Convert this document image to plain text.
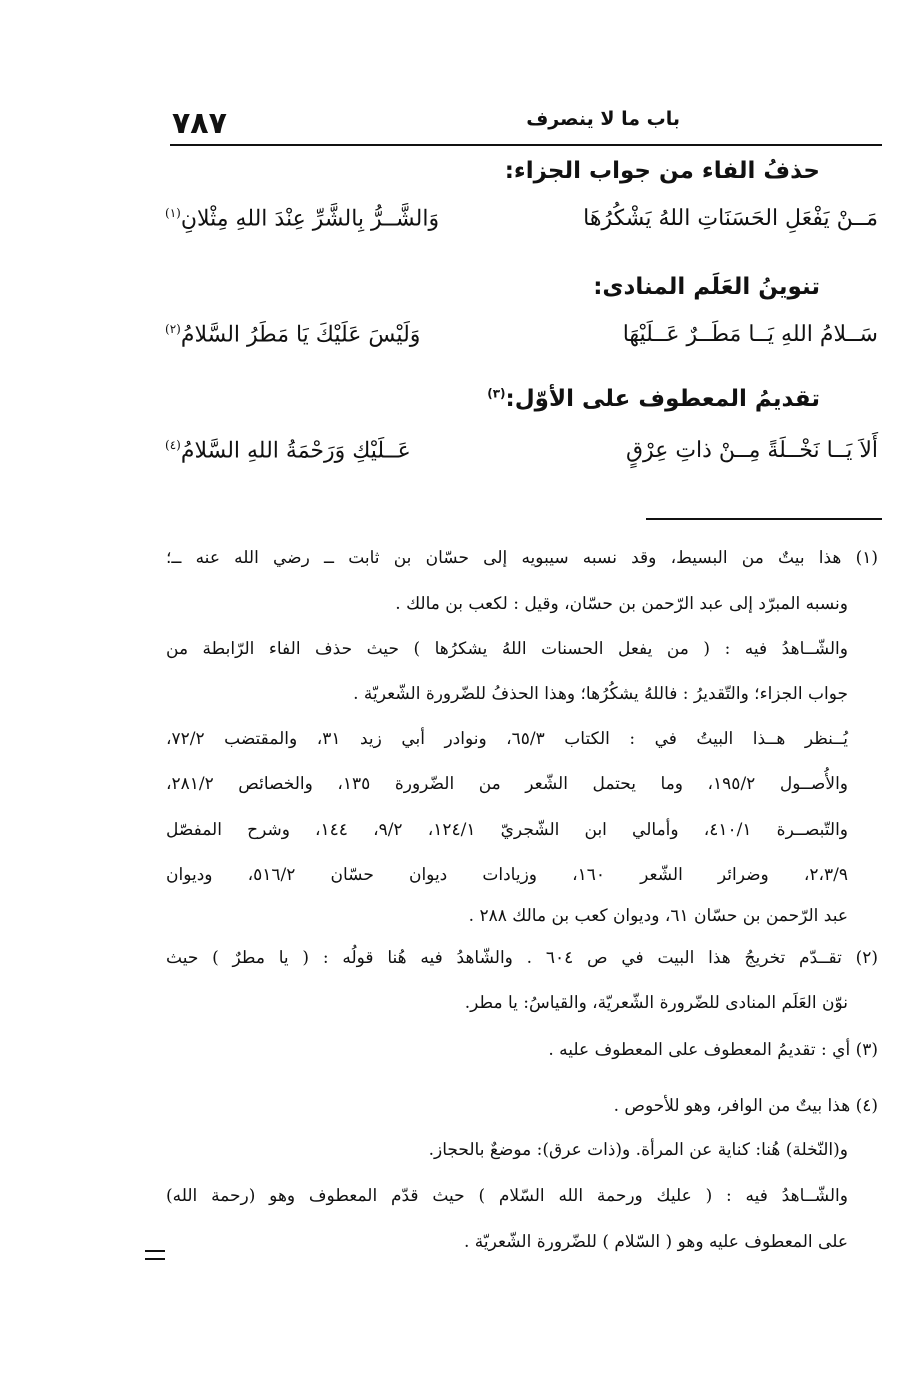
٧٨٧	باب ما لا ينصرف
حذفُ الفاء من جواب الجزاء:
مَــنْ يَفْعَلِ الحَسَنَاتِ اللهُ يَشْكُرُهَا
وَالشَّــرُّ بِالشَّرِّ عِنْدَ اللهِ مِثْلانِ$^{(١)}$
تنوينُ العَلَم المنادى:
سَــلامُ اللهِ يَــا مَطَــرٌ عَــلَيْهَا
وَلَيْسَ عَلَيْكَ يَا مَطَرُ السَّلامُ$^{(٢)}$
تقديمُ المعطوف على الأوّل:$^{(٣)}$
أَلاَ يَــا نَخْــلَةً مِــنْ ذاتِ عِرْقٍ
عَــلَيْكِ وَرَحْمَةُ اللهِ السَّلامُ$^{(٤)}$
(١) هذا بيتٌ من البسيط، وقد نسبه سيبويه إلى حسّان بن ثابت ــ رضي الله عنه ــ؛
ونسبه المبرّد إلى عبد الرّحمن بن حسّان، وقيل : لكعب بن مالك .
والشّــاهدُ فيه : ( من يفعل الحسنات اللهُ يشكرُها ) حيث حذف الفاء الرّابطة من
جواب الجزاء؛ والتّقديرُ : فاللهُ يشكُرُها؛ وهذا الحذفُ للضّرورة الشّعريّة .
يُــنظر هــذا البيتُ في : الكتاب ٦٥/٣، ونوادر أبي زيد ٣١، والمقتضب ٧٢/٢،
والأُصــول ١٩٥/٢، وما يحتمل الشّعر من الضّرورة ١٣٥، والخصائص ٢٨١/٢،
والتّبصــرة ٤١٠/١، وأمالي ابن الشّجريّ ١٢٤/١، ٩/٢، ١٤٤، وشرح المفصّل
٢،٣/٩، وضرائر الشّعر ١٦٠، وزيادات ديوان حسّان ٥١٦/٢، وديوان
عبد الرّحمن بن حسّان ٦١، وديوان كعب بن مالك ٢٨٨ .
(٢) تقــدّم تخريجُ هذا البيت في ص ٦٠٤ . والشّاهدُ فيه هُنا قولُه : ( يا مطرٌ ) حيث
نوّن العَلَم المنادى للضّرورة الشّعريّة، والقياسُ: يا مطر.
(٣) أي : تقديمُ المعطوف على المعطوف عليه .
(٤) هذا بيتٌ من الوافر، وهو للأحوص .
و(النّخلة) هُنا: كناية عن المرأة. و(ذات عرق): موضعٌ بالحجاز.
والشّــاهدُ فيه : ( عليك ورحمة الله السّلام ) حيث قدّم المعطوف وهو (رحمة الله)
على المعطوف عليه وهو ( السّلام ) للضّرورة الشّعريّة .
